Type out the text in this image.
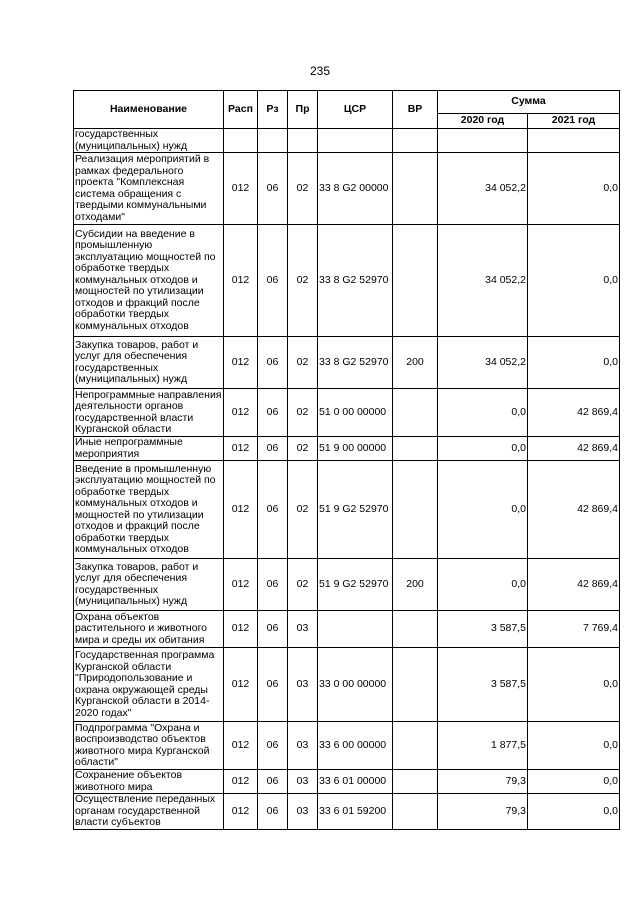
235
Наименование	Расп	Рз	Пр	ЦСР	ВР	Сумма	
						2020 год	2021 год
государственных (муниципальных) нужд							
Реализация мероприятий в рамках федерального проекта "Комплексная система обращения с твердыми коммунальными отходами"	012	06	02	33 8 G2 00000		34 052,2	0,0
Субсидии на введение в промышленную эксплуатацию мощностей по обработке твердых коммунальных отходов и мощностей по утилизации отходов и фракций после обработки твердых коммунальных отходов	012	06	02	33 8 G2 52970		34 052,2	0,0
Закупка товаров, работ и услуг для обеспечения государственных (муниципальных) нужд	012	06	02	33 8 G2 52970	200	34 052,2	0,0
Непрограммные направления деятельности органов государственной власти Курганской области	012	06	02	51 0 00 00000		0,0	42 869,4
Иные непрограммные мероприятия	012	06	02	51 9 00 00000		0,0	42 869,4
Введение в промышленную эксплуатацию мощностей по обработке твердых коммунальных отходов и мощностей по утилизации отходов и фракций после обработки твердых коммунальных отходов	012	06	02	51 9 G2 52970		0,0	42 869,4
Закупка товаров, работ и услуг для обеспечения государственных (муниципальных) нужд	012	06	02	51 9 G2 52970	200	0,0	42 869,4
Охрана объектов растительного и животного мира и среды их обитания	012	06	03			3 587,5	7 769,4
Государственная программа Курганской области "Природопользование и охрана окружающей среды Курганской области в 2014-2020 годах"	012	06	03	33 0 00 00000		3 587,5	0,0
Подпрограмма "Охрана и воспроизводство объектов животного мира Курганской области"	012	06	03	33 6 00 00000		1 877,5	0,0
Сохранение объектов животного мира	012	06	03	33 6 01 00000		79,3	0,0
Осуществление переданных органам государственной власти субъектов	012	06	03	33 6 01 59200		79,3	0,0
